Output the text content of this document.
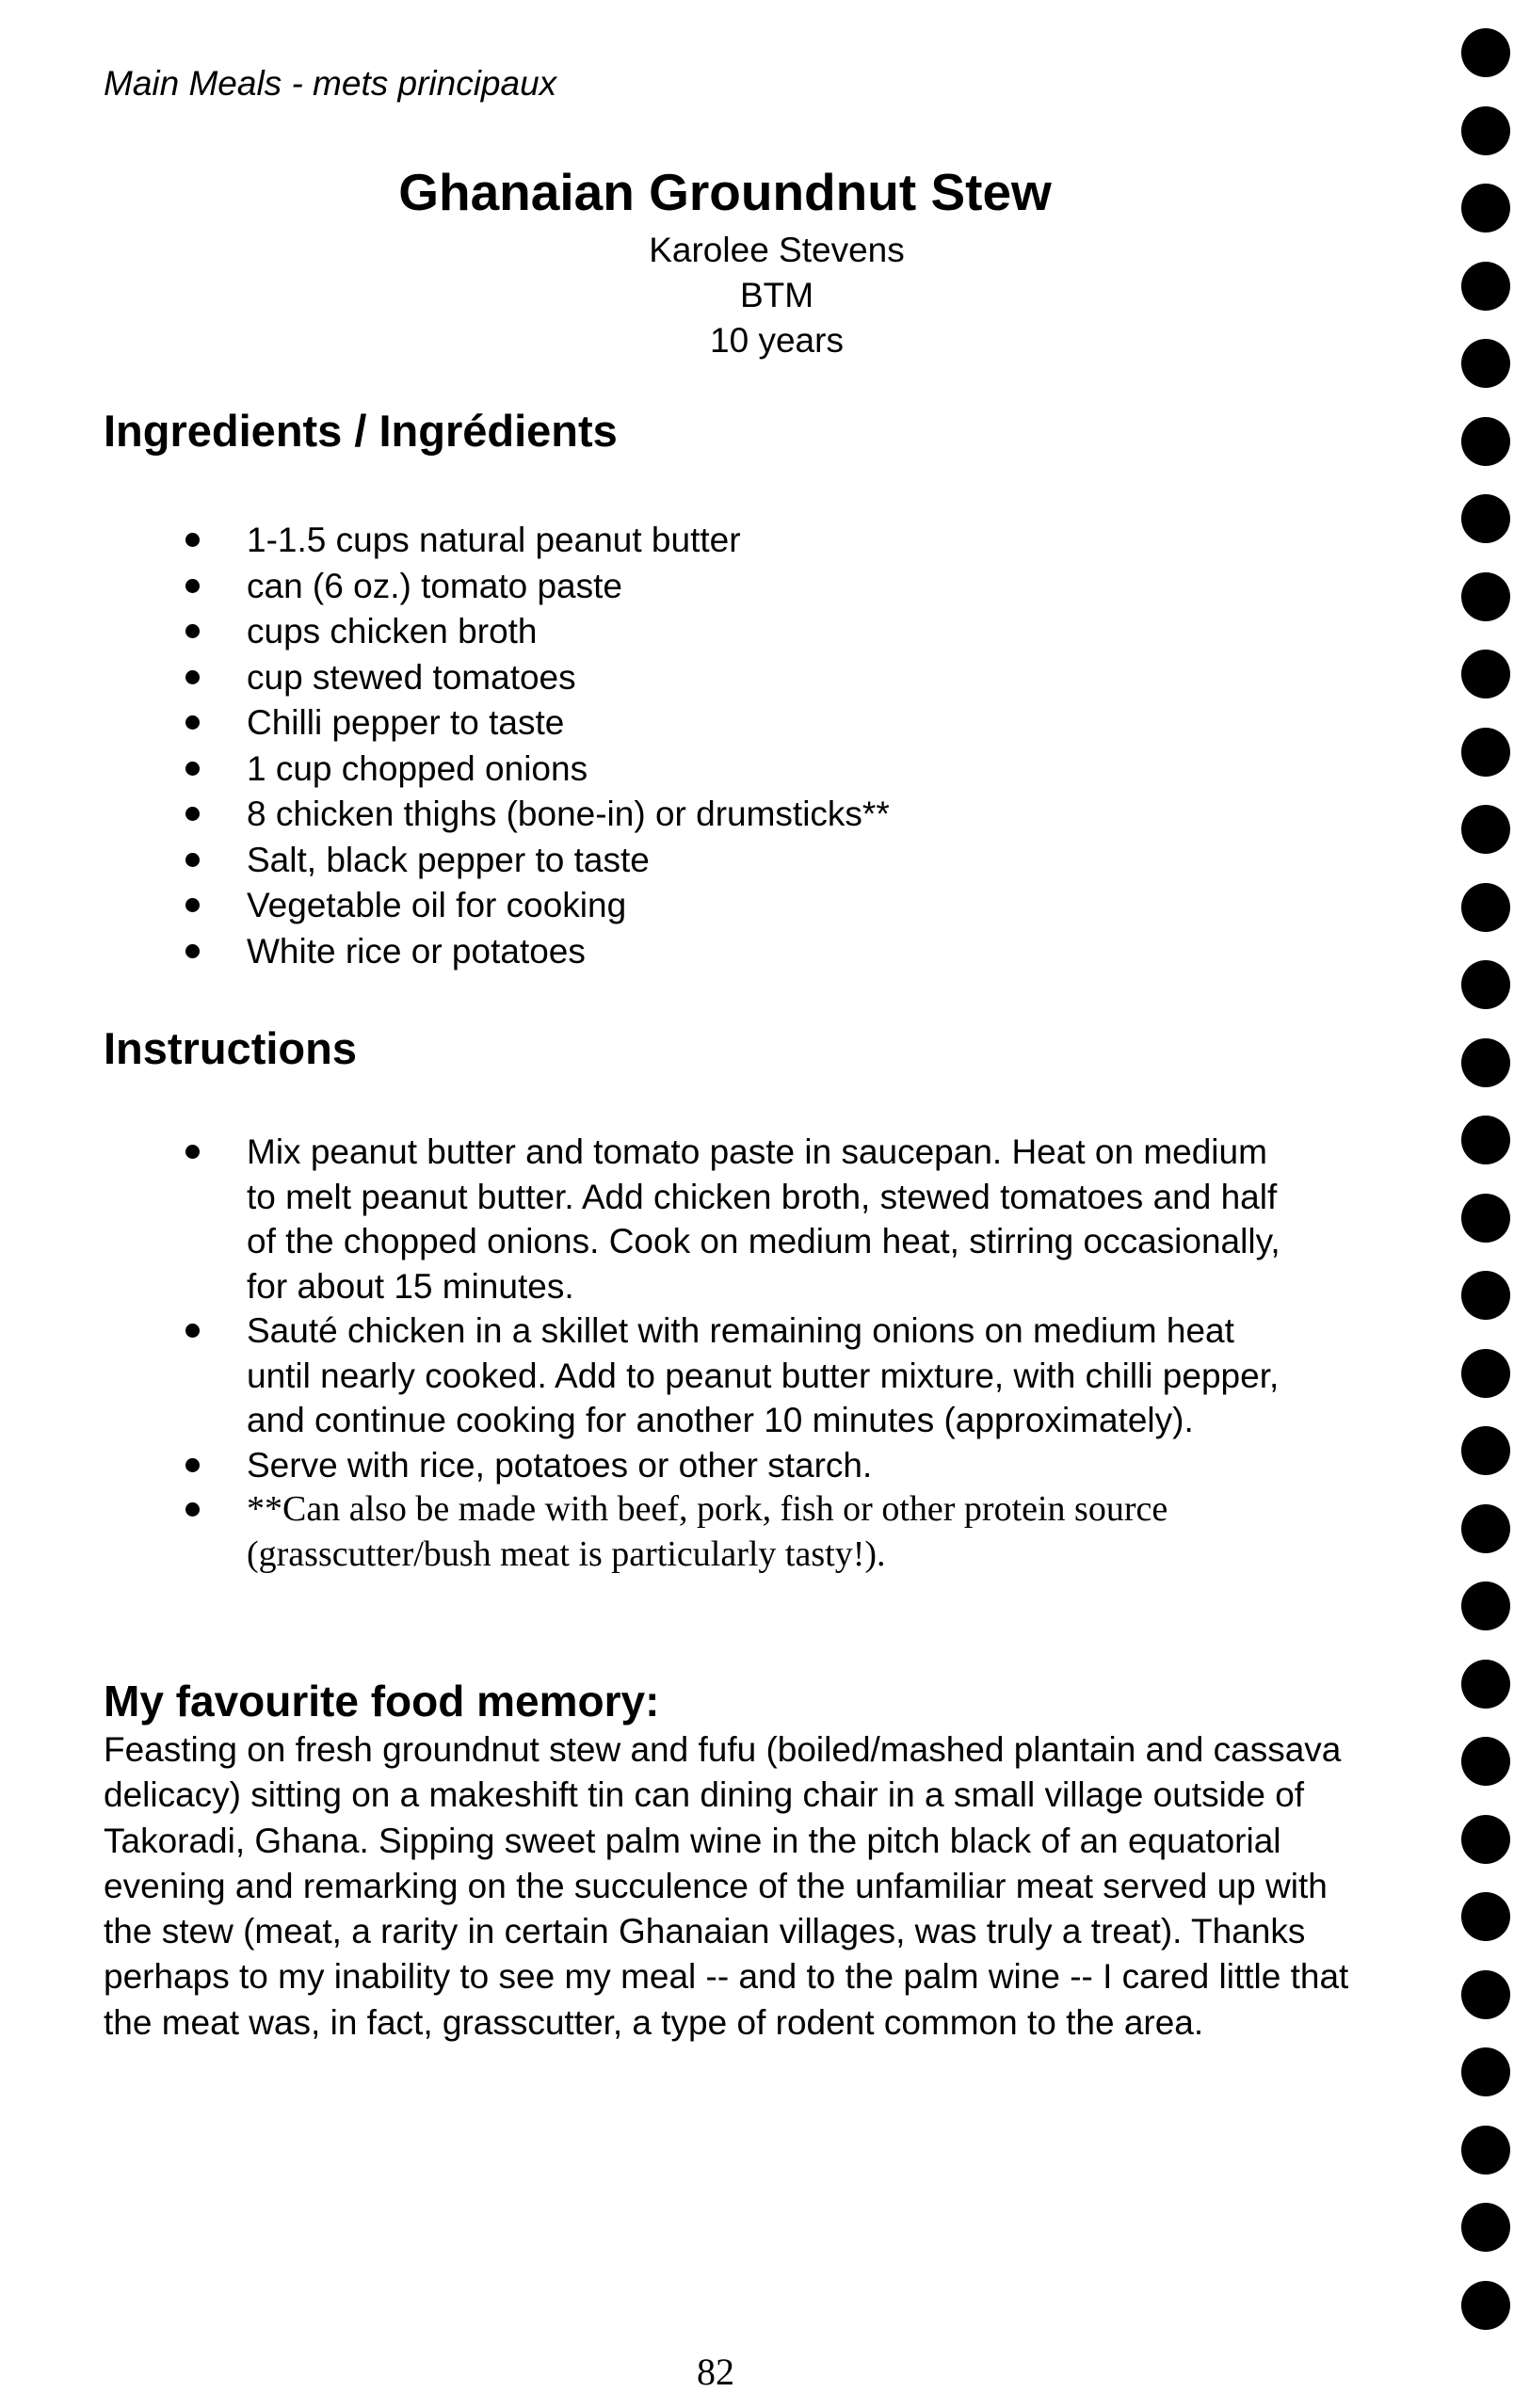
Main Meals - mets principaux
Ghanaian Groundnut Stew
Karolee Stevens
BTM
10 years
Ingredients / Ingrédients
1-1.5 cups natural peanut butter
can (6 oz.) tomato paste
cups chicken broth
cup stewed tomatoes
Chilli pepper to taste
1 cup chopped onions
8 chicken thighs (bone-in) or drumsticks**
Salt, black pepper to taste
Vegetable oil for cooking
White rice or potatoes
Instructions
Mix peanut butter and tomato paste in saucepan. Heat on medium to melt peanut butter. Add chicken broth, stewed tomatoes and half of the chopped onions. Cook on medium heat, stirring occasionally, for about 15 minutes.
Sauté chicken in a skillet with remaining onions on medium heat until nearly cooked. Add to peanut butter mixture, with chilli pepper, and continue cooking for another 10 minutes (approximately).
Serve with rice, potatoes or other starch.
**Can also be made with beef, pork, fish or other protein source (grasscutter/bush meat is particularly tasty!).
My favourite food memory:
Feasting on fresh groundnut stew and fufu (boiled/mashed plantain and cassava delicacy) sitting on a makeshift tin can dining chair in a small village outside of Takoradi, Ghana. Sipping sweet palm wine in the pitch black of an equatorial evening and remarking on the succulence of the unfamiliar meat served up with the stew (meat, a rarity in certain Ghanaian villages, was truly a treat). Thanks perhaps to my inability to see my meal -- and to the palm wine -- I cared little that the meat was, in fact, grasscutter, a type of rodent common to the area.
82
